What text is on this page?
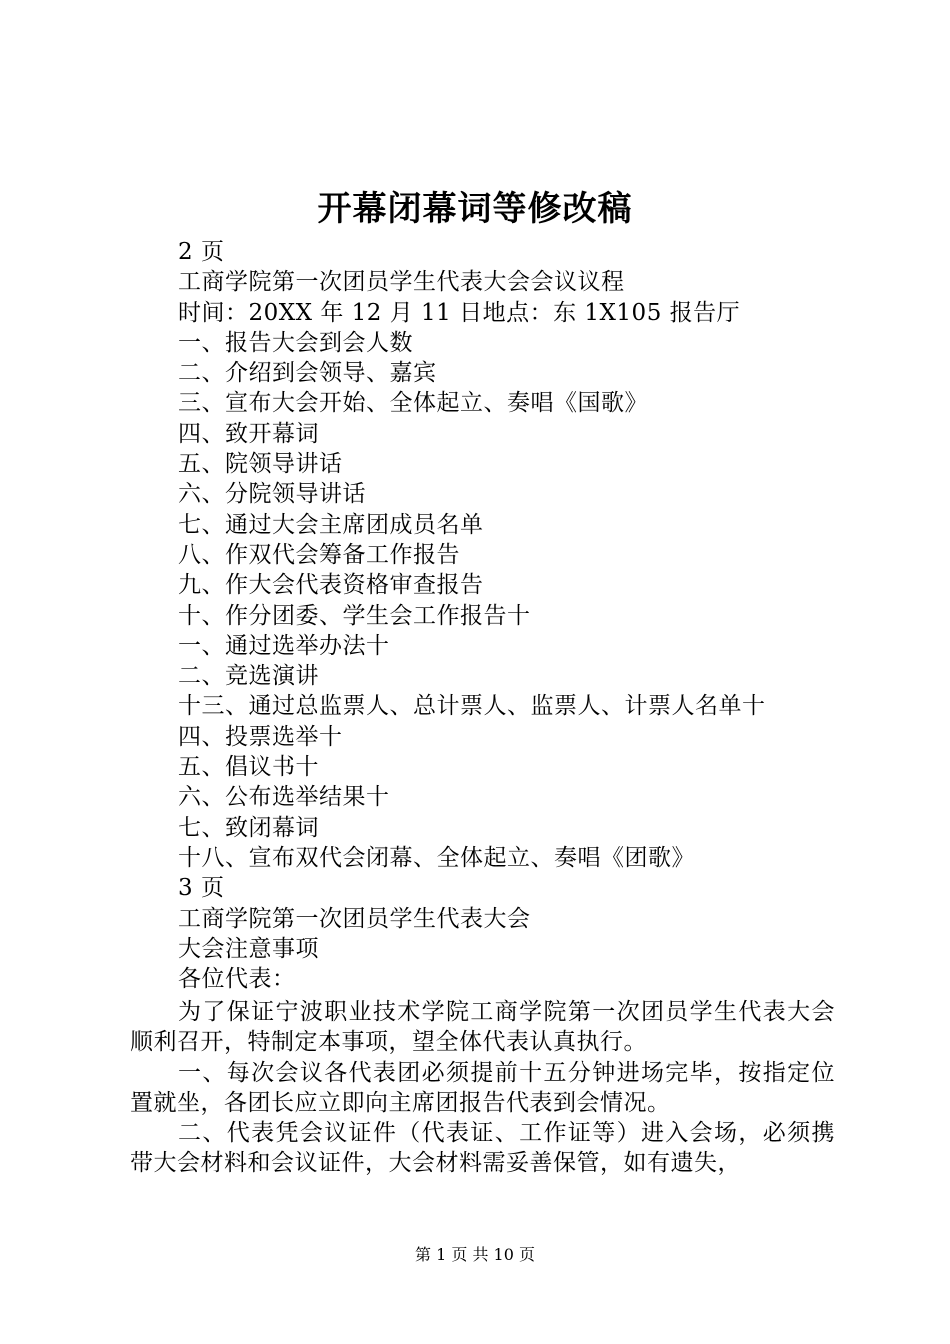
开幕闭幕词等修改稿
2 页
工商学院第一次团员学生代表大会会议议程
时间：20XX 年 12 月 11 日地点：东 1X105 报告厅
一、报告大会到会人数
二、介绍到会领导、嘉宾
三、宣布大会开始、全体起立、奏唱《国歌》
四、致开幕词
五、院领导讲话
六、分院领导讲话
七、通过大会主席团成员名单
八、作双代会筹备工作报告
九、作大会代表资格审查报告
十、作分团委、学生会工作报告十
一、通过选举办法十
二、竞选演讲
十三、通过总监票人、总计票人、监票人、计票人名单十
四、投票选举十
五、倡议书十
六、公布选举结果十
七、致闭幕词
十八、宣布双代会闭幕、全体起立、奏唱《团歌》
3 页
工商学院第一次团员学生代表大会
大会注意事项
各位代表：

为了保证宁波职业技术学院工商学院第一次团员学生代表大会顺利召开，特制定本事项，望全体代表认真执行。

一、每次会议各代表团必须提前十五分钟进场完毕，按指定位置就坐，各团长应立即向主席团报告代表到会情况。

二、代表凭会议证件（代表证、工作证等）进入会场，必须携带大会材料和会议证件，大会材料需妥善保管，如有遗失，

第 1 页 共 10 页
